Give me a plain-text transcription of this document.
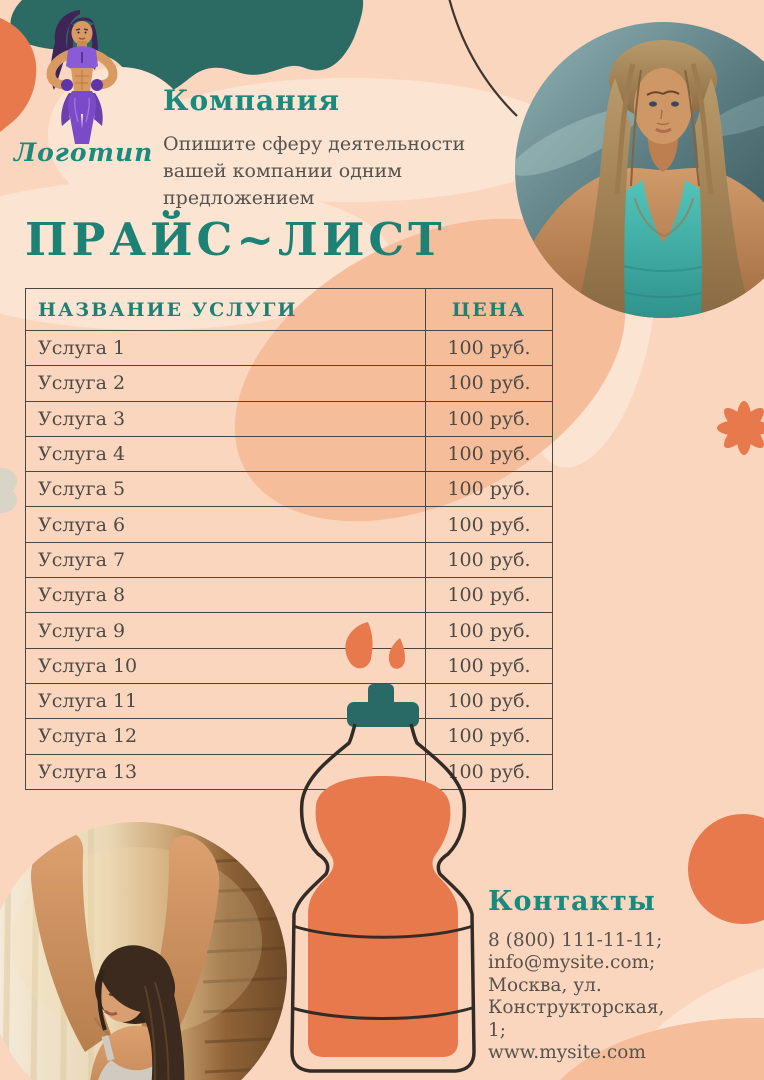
Логотип
Компания

Опишите сферу деятельности вашей компании одним предложением

ПРАЙС~ЛИСТ
НАЗВАНИЕ УСЛУГИ	ЦЕНА
Услуга 1	100 руб.
Услуга 2	100 руб.
Услуга 3	100 руб.
Услуга 4	100 руб.
Услуга 5	100 руб.
Услуга 6	100 руб.
Услуга 7	100 руб.
Услуга 8	100 руб.
Услуга 9	100 руб.
Услуга 10	100 руб.
Услуга 11	100 руб.
Услуга 12	100 руб.
Услуга 13	100 руб.
Контакты
8 (800) 111-11-11;
info@mysite.com;
Москва, ул. Конструкторская,
1;
www.mysite.com
